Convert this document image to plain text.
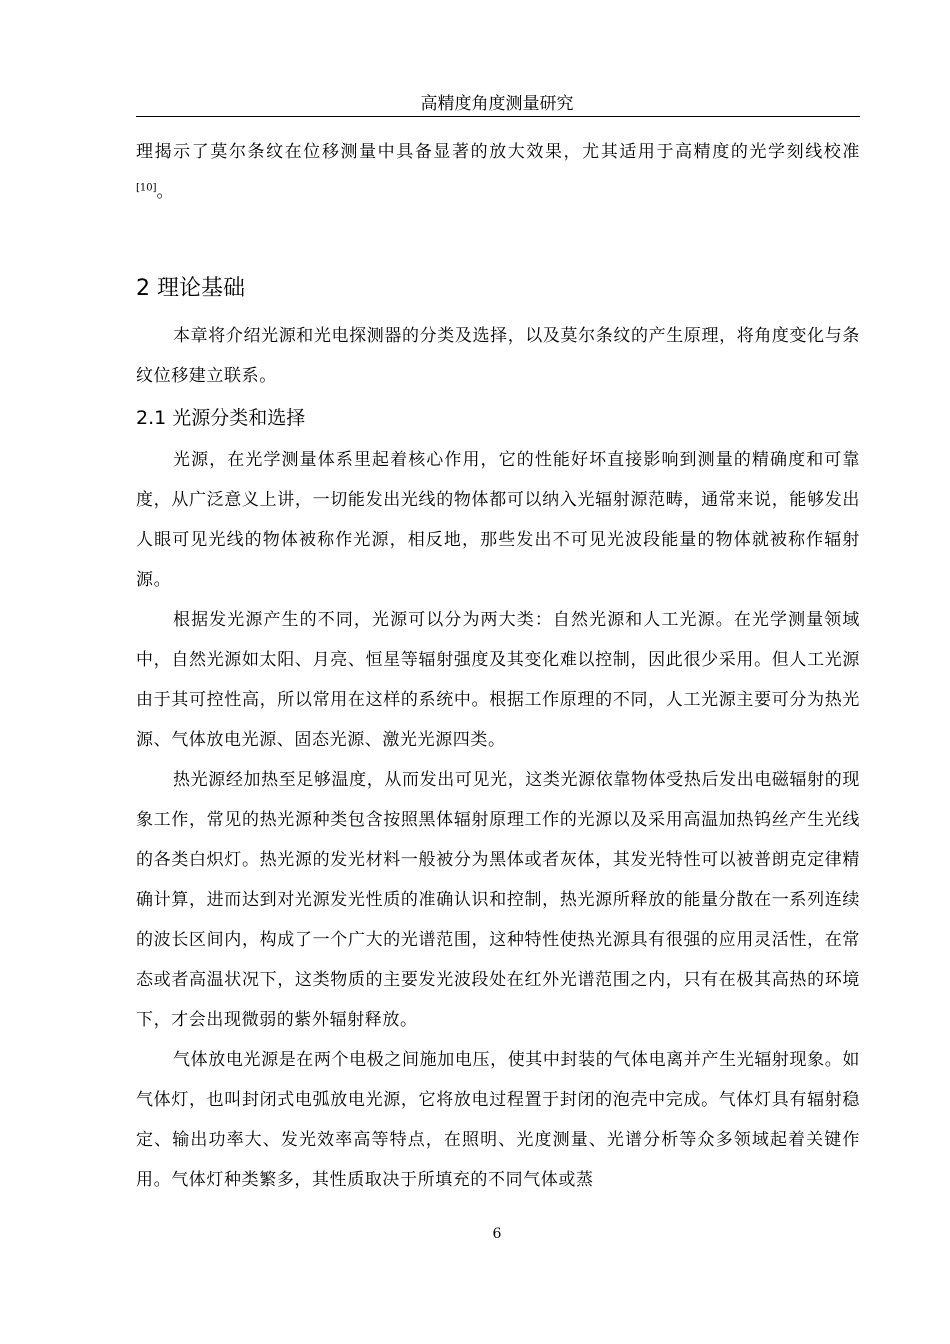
高精度角度测量研究

理揭示了莫尔条纹在位移测量中具备显著的放大效果，尤其适用于高精度的光学刻线校准[10]。

2 理论基础

本章将介绍光源和光电探测器的分类及选择，以及莫尔条纹的产生原理，将角度变化与条纹位移建立联系。

2.1 光源分类和选择

光源，在光学测量体系里起着核心作用，它的性能好坏直接影响到测量的精确度和可靠度，从广泛意义上讲，一切能发出光线的物体都可以纳入光辐射源范畴，通常来说，能够发出人眼可见光线的物体被称作光源，相反地，那些发出不可见光波段能量的物体就被称作辐射源。

根据发光源产生的不同，光源可以分为两大类：自然光源和人工光源。在光学测量领域中，自然光源如太阳、月亮、恒星等辐射强度及其变化难以控制，因此很少采用。但人工光源由于其可控性高，所以常用在这样的系统中。根据工作原理的不同，人工光源主要可分为热光源、气体放电光源、固态光源、激光光源四类。

热光源经加热至足够温度，从而发出可见光，这类光源依靠物体受热后发出电磁辐射的现象工作，常见的热光源种类包含按照黑体辐射原理工作的光源以及采用高温加热钨丝产生光线的各类白炽灯。热光源的发光材料一般被分为黑体或者灰体，其发光特性可以被普朗克定律精确计算，进而达到对光源发光性质的准确认识和控制，热光源所释放的能量分散在一系列连续的波长区间内，构成了一个广大的光谱范围，这种特性使热光源具有很强的应用灵活性，在常态或者高温状况下，这类物质的主要发光波段处在红外光谱范围之内，只有在极其高热的环境下，才会出现微弱的紫外辐射释放。

气体放电光源是在两个电极之间施加电压，使其中封装的气体电离并产生光辐射现象。如气体灯，也叫封闭式电弧放电光源，它将放电过程置于封闭的泡壳中完成。气体灯具有辐射稳定、输出功率大、发光效率高等特点，在照明、光度测量、光谱分析等众多领域起着关键作用。气体灯种类繁多，其性质取决于所填充的不同气体或蒸

6
